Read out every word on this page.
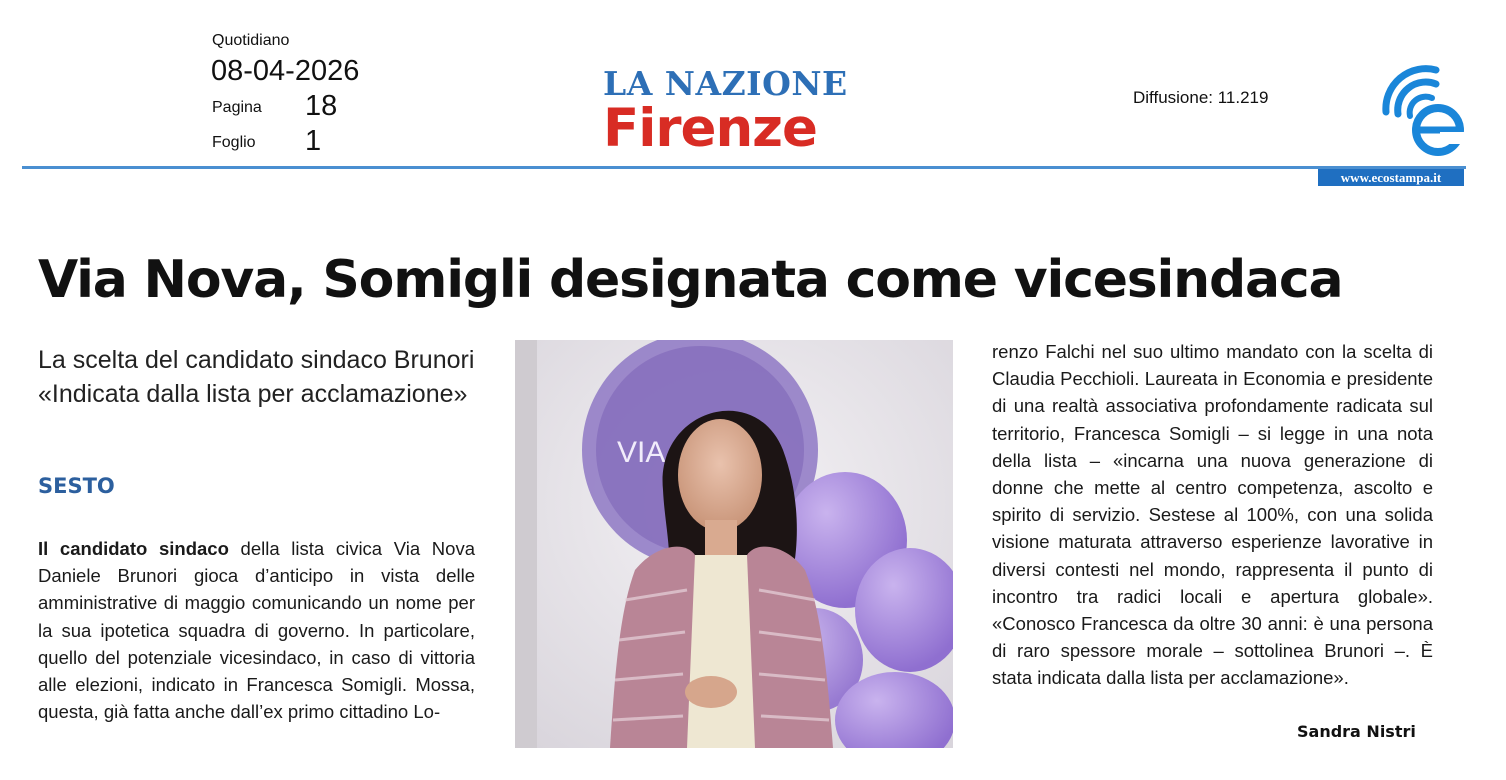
Quotidiano
08-04-2026
Pagina 18
Foglio 1
LA NAZIONE
Firenze
Diffusione: 11.219
www.ecostampa.it
Via Nova, Somigli designata come vicesindaca
La scelta del candidato sindaco Brunori
«Indicata dalla lista per acclamazione»
SESTO

Il candidato sindaco della lista civica Via Nova Daniele Brunori gioca d’anticipo in vista delle amministrative di maggio comunicando un nome per la sua ipotetica squadra di governo. In particolare, quello del potenziale vicesindaco, in caso di vittoria alle elezioni, indicato in Francesca Somigli. Mossa, questa, già fatta anche dall’ex primo cittadino Lo-

VIA

renzo Falchi nel suo ultimo mandato con la scelta di Claudia Pecchioli. Laureata in Economia e presidente di una realtà associativa profondamente radicata sul territorio, Francesca Somigli – si legge in una nota della lista – «incarna una nuova generazione di donne che mette al centro competenza, ascolto e spirito di servizio. Sestese al 100%, con una solida visione maturata attraverso esperienze lavorative in diversi contesti nel mondo, rappresenta il punto di incontro tra radici locali e apertura globale». «Conosco Francesca da oltre 30 anni: è una persona di raro spessore morale – sottolinea Brunori –. È stata indicata dalla lista per acclamazione».

Sandra Nistri
